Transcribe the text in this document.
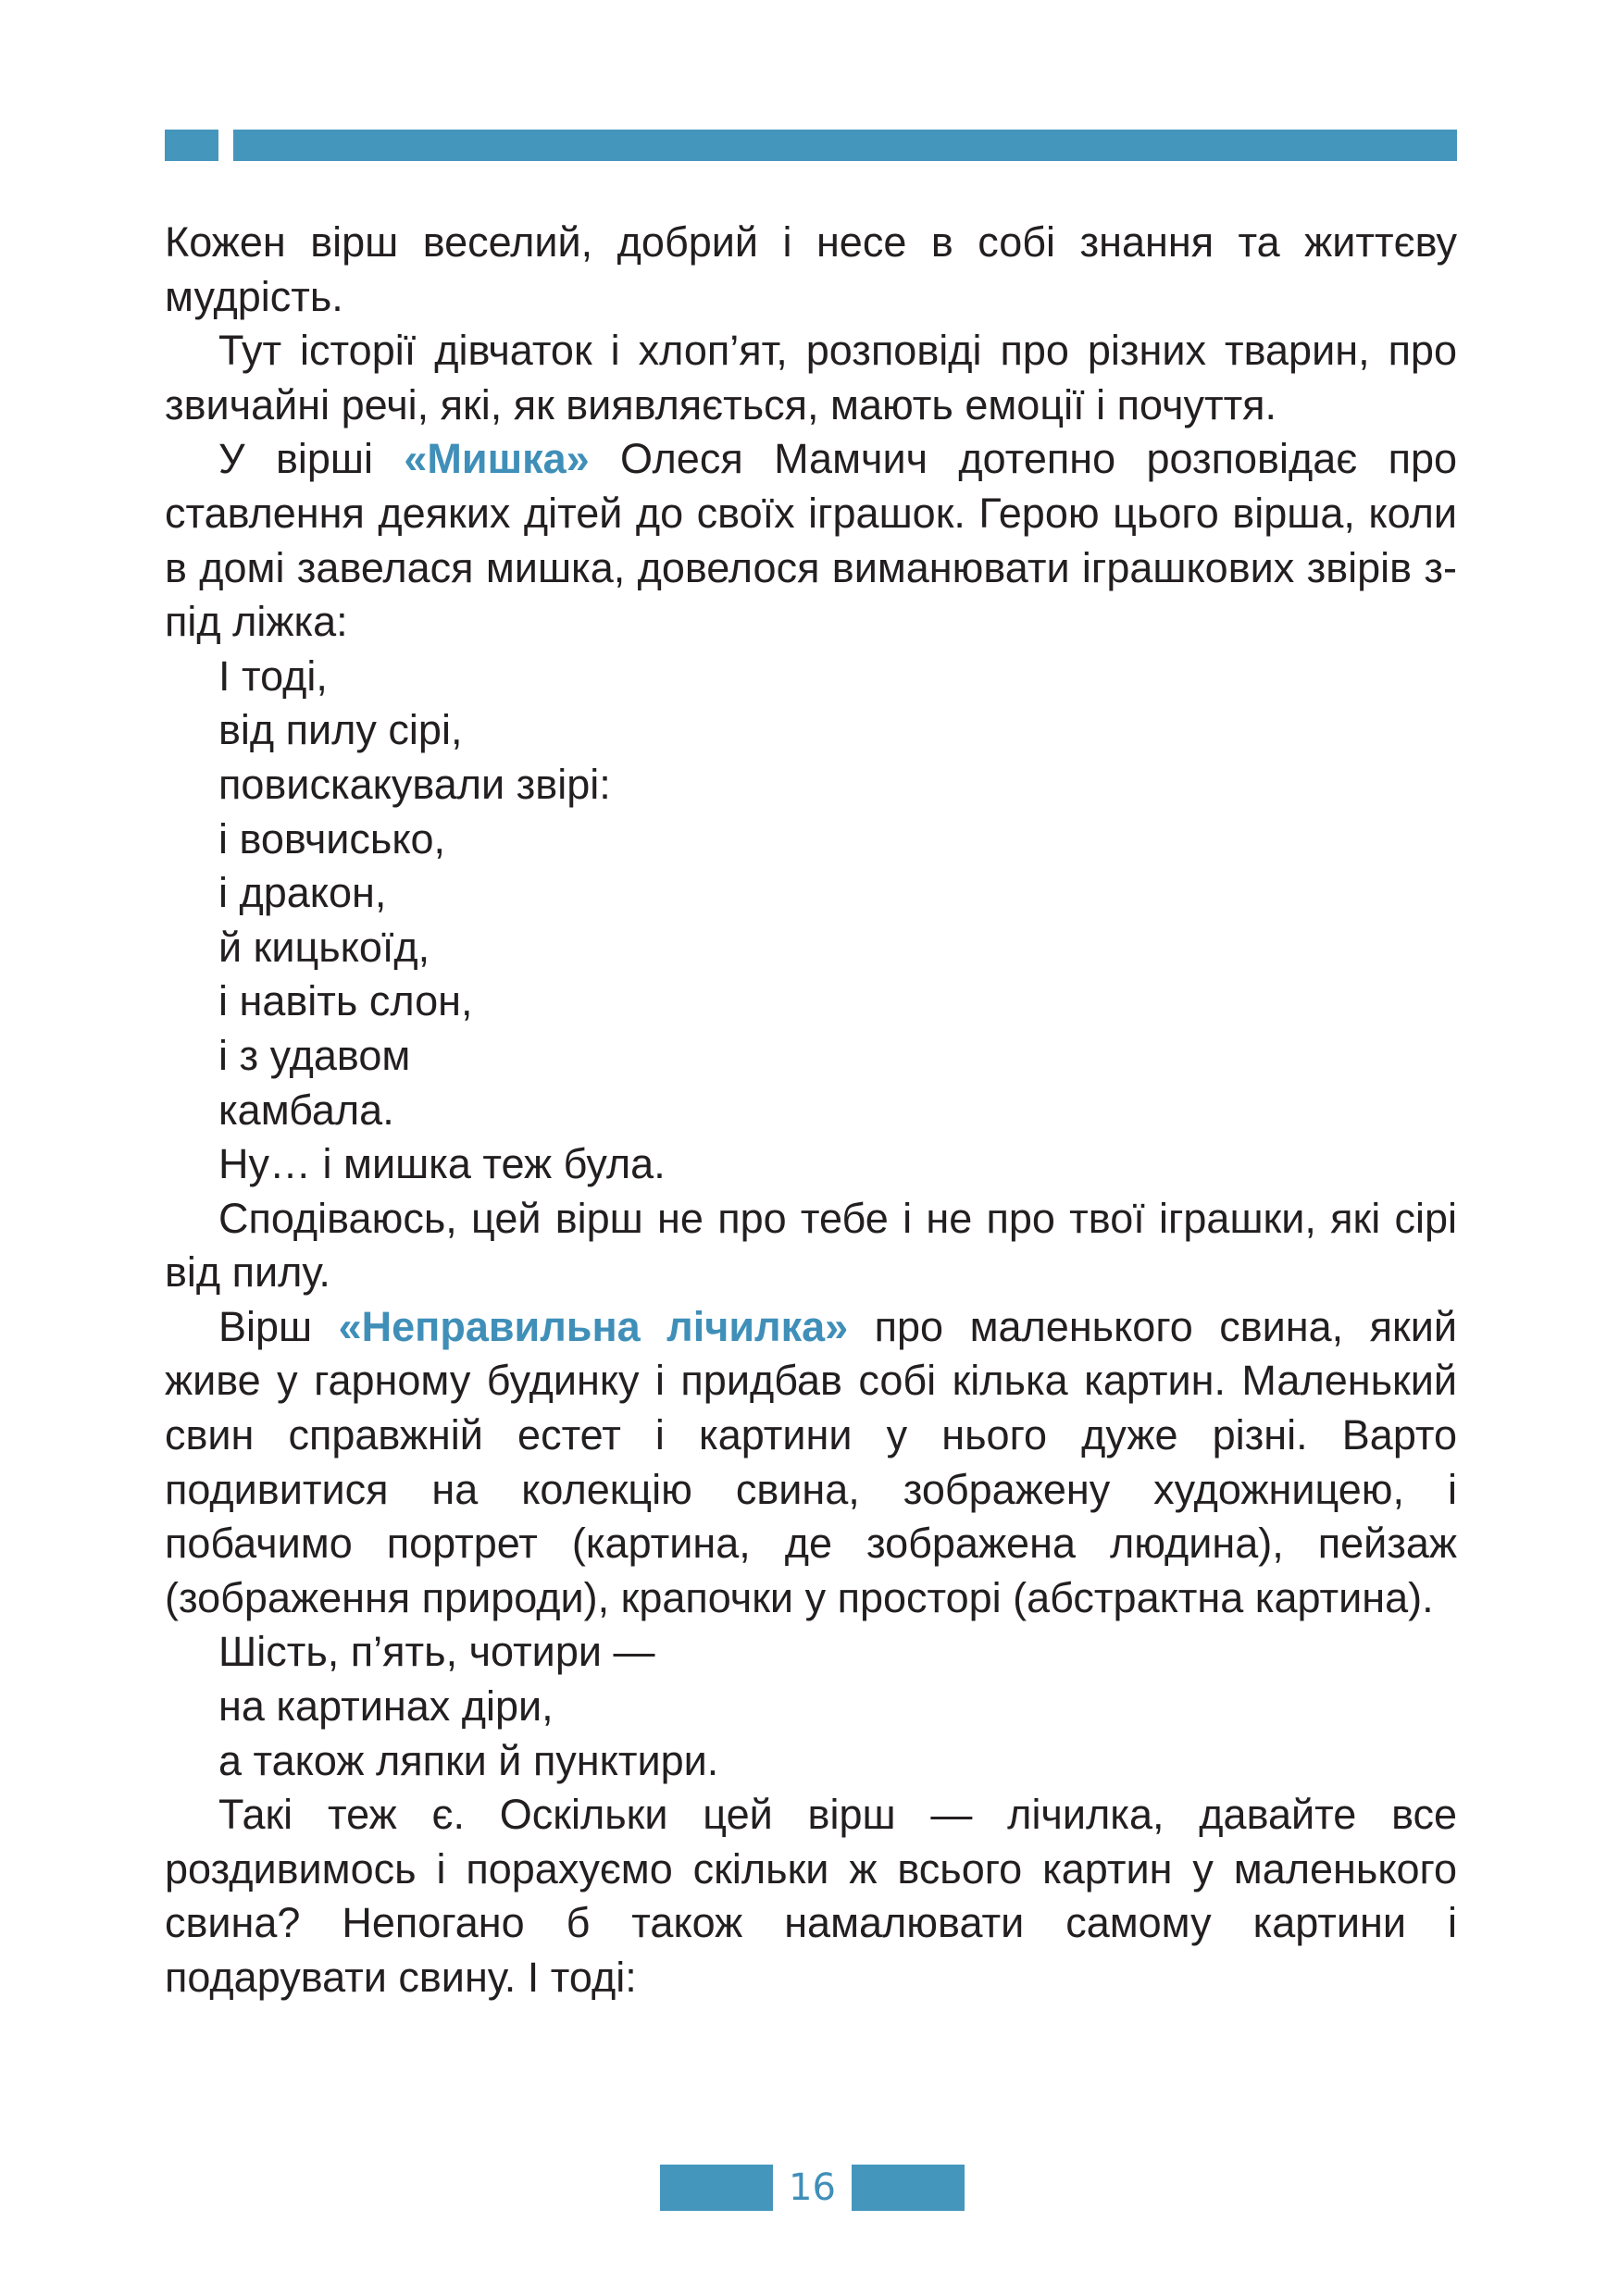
Кожен вірш веселий, добрий і несе в собі знання та життєву мудрість.

Тут історії дівчаток і хлоп’ят, розповіді про різних тварин, про звичайні речі, які, як виявляється, мають емоції і почуття.

У вірші «Мишка» Олеся Мамчич дотепно розповідає про ставлення деяких дітей до своїх іграшок. Герою цього вірша, коли в домі завелася мишка, довелося виманювати іграшкових звірів з-під ліжка:

І тоді,
від пилу сірі,
повискакували звірі:
і вовчисько,
і дракон,
й кицькоїд,
і навіть слон,
і з удавом
камбала.
Ну… і мишка теж була.

Сподіваюсь, цей вірш не про тебе і не про твої іграшки, які сірі від пилу.

Вірш «Неправильна лічилка» про маленького свина, який живе у гарному будинку і придбав собі кілька картин. Маленький свин справжній естет і картини у нього дуже різні. Варто подивитися на колекцію свина, зображену художницею, і побачимо портрет (картина, де зображена людина), пейзаж (зображення природи), крапочки у просторі (абстрактна картина).

Шість, п’ять, чотири —
на картинах діри,
а також ляпки й пунктири.

Такі теж є. Оскільки цей вірш — лічилка, давайте все роздивимось і порахуємо скільки ж всього картин у маленького свина? Непогано б також намалювати самому картини і подарувати свину. І тоді:

16
